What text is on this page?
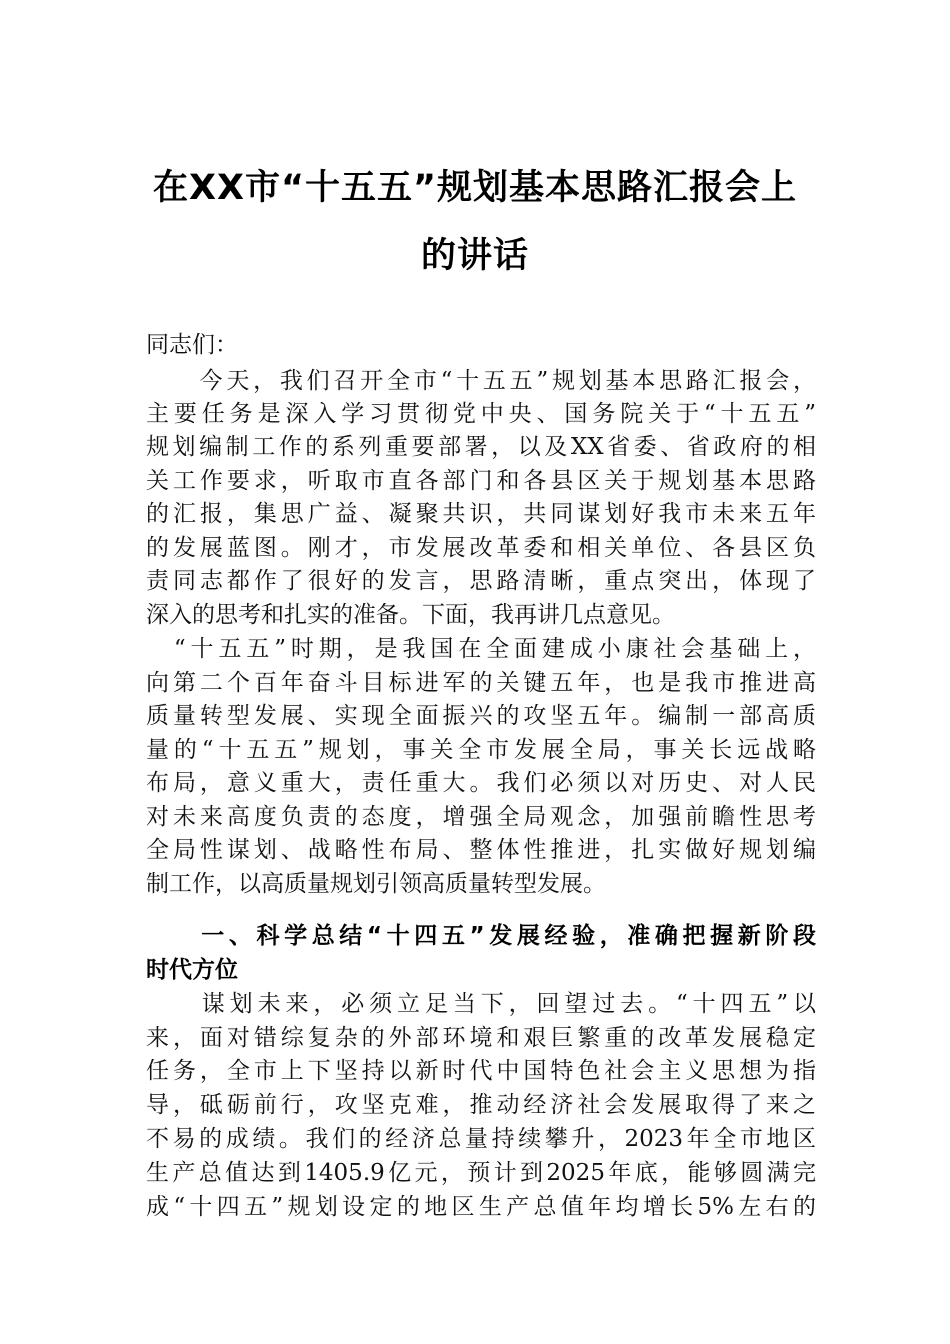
在XX市“十五五”规划基本思路汇报会上
的讲话
同志们：
　　今天，我们召开全市“十五五”规划基本思路汇报会，
主要任务是深入学习贯彻党中央、国务院关于“十五五”
规划编制工作的系列重要部署，以及XX省委、省政府的相
关工作要求，听取市直各部门和各县区关于规划基本思路
的汇报，集思广益、凝聚共识，共同谋划好我市未来五年
的发展蓝图。刚才，市发展改革委和相关单位、各县区负
责同志都作了很好的发言，思路清晰，重点突出，体现了
深入的思考和扎实的准备。下面，我再讲几点意见。
　“十五五”时期，是我国在全面建成小康社会基础上，
向第二个百年奋斗目标进军的关键五年，也是我市推进高
质量转型发展、实现全面振兴的攻坚五年。编制一部高质
量的“十五五”规划，事关全市发展全局，事关长远战略
布局，意义重大，责任重大。我们必须以对历史、对人民
对未来高度负责的态度，增强全局观念，加强前瞻性思考
全局性谋划、战略性布局、整体性推进，扎实做好规划编
制工作，以高质量规划引领高质量转型发展。
　　一、科学总结“十四五”发展经验，准确把握新阶段
时代方位
　　谋划未来，必须立足当下，回望过去。“十四五”以
来，面对错综复杂的外部环境和艰巨繁重的改革发展稳定
任务，全市上下坚持以新时代中国特色社会主义思想为指
导，砥砺前行，攻坚克难，推动经济社会发展取得了来之
不易的成绩。我们的经济总量持续攀升，2023年全市地区
生产总值达到1405.9亿元，预计到2025年底，能够圆满完
成“十四五”规划设定的地区生产总值年均增长5%左右的
